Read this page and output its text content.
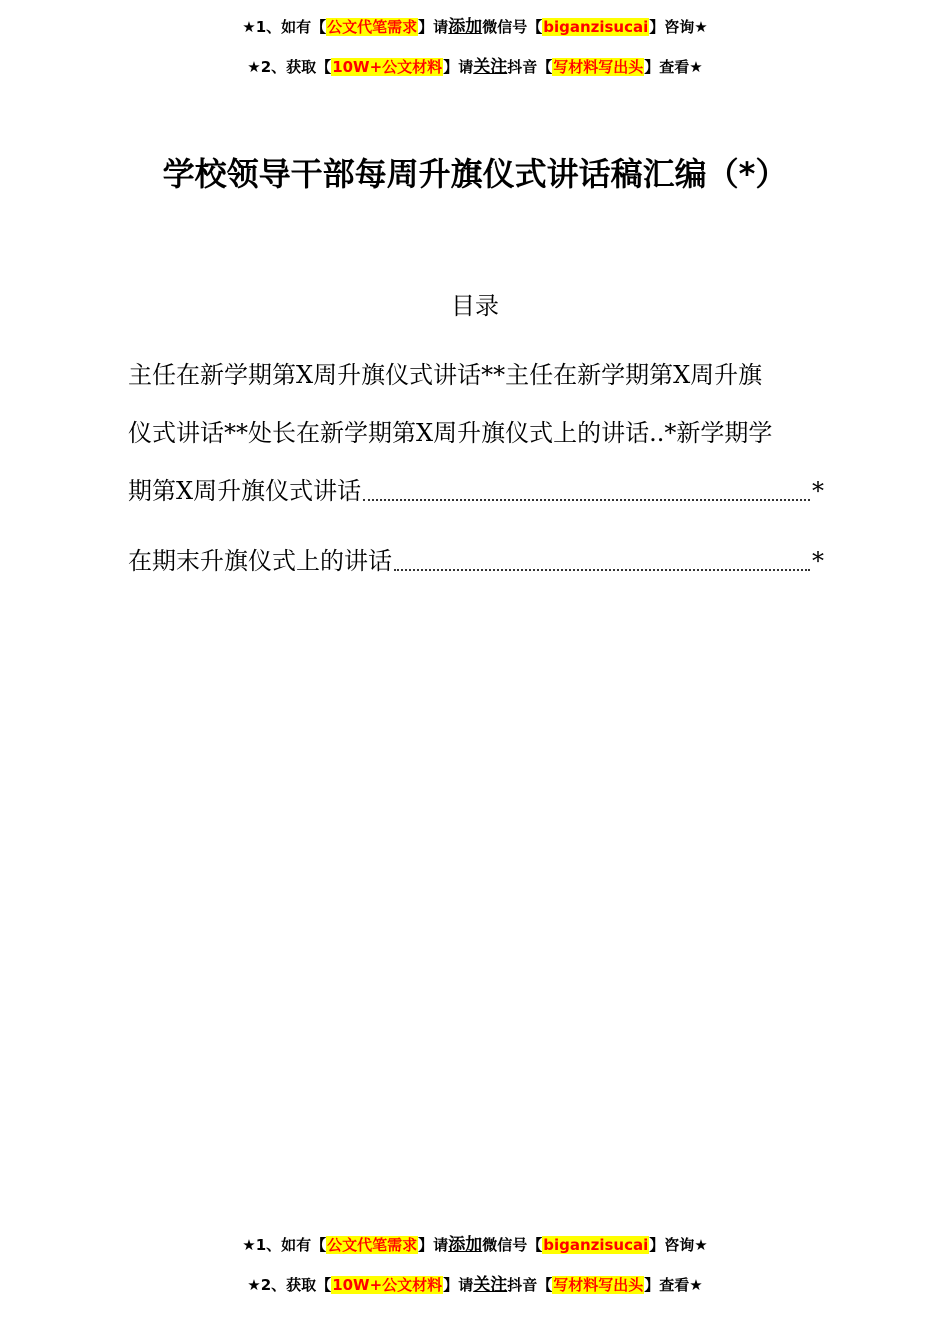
★1、如有【公文代笔需求】请添加微信号【biganzisucai】咨询★
★2、获取【10W+公文材料】请关注抖音【写材料写出头】查看★
学校领导干部每周升旗仪式讲话稿汇编（*）
目录
主任在新学期第X周升旗仪式讲话** 主任 在新学期第X周升旗
仪式讲话**处长在新学期第X周升旗仪式上的讲话..*新学期学
期第X周升旗仪式讲话	*
在期末升旗仪式上的讲话	*
★1、如有【公文代笔需求】请添加微信号【biganzisucai】咨询★
★2、获取【10W+公文材料】请关注抖音【写材料写出头】查看★
